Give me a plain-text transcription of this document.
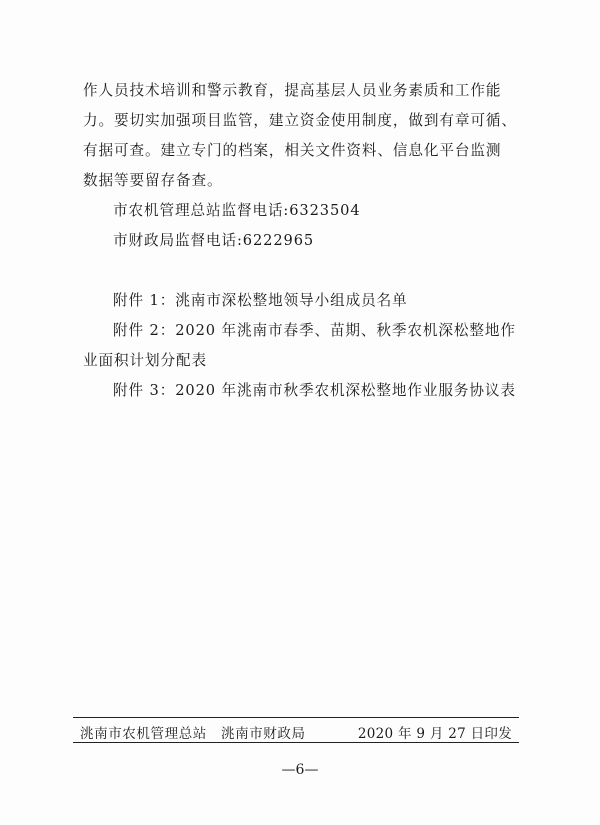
作人员技术培训和警示教育，提高基层人员业务素质和工作能

力。要切实加强项目监管，建立资金使用制度，做到有章可循、

有据可查。建立专门的档案，相关文件资料、信息化平台监测

数据等要留存备查。

市农机管理总站监督电话:6323504

市财政局监督电话:6222965

附件 1：洮南市深松整地领导小组成员名单

附件 2：2020 年洮南市春季、苗期、秋季农机深松整地作

业面积计划分配表

附件 3：2020 年洮南市秋季农机深松整地作业服务协议表

洮南市农机管理总站 洮南市财政局	2020 年 9 月 27 日印发
—6—
